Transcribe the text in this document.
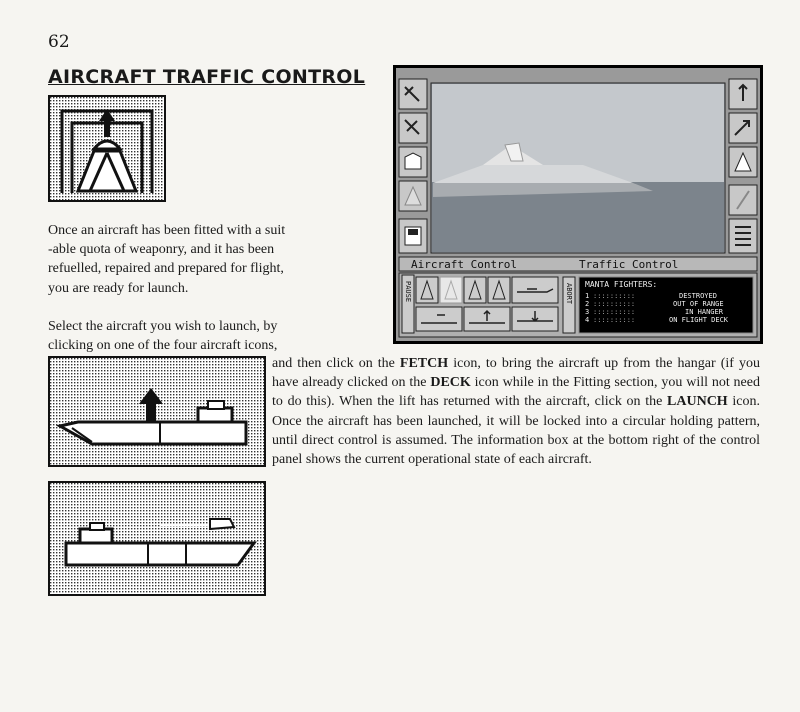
62
AIRCRAFT TRAFFIC CONTROL
Once an aircraft has been fitted with a suit
-able quota of weaponry, and it has been
refuelled, repaired and prepared for flight,
you are ready for launch.
Select the aircraft you wish to launch, by
clicking on one of the four aircraft icons,
and then click on the FETCH icon, to bring the aircraft up from the hangar (if you have already clicked on the DECK icon while in the Fitting section, you will not need to do this). When the lift has returned with the aircraft, click on the LAUNCH icon. Once the aircraft has been launched, it will be locked into a circular holding pattern, until direct control is assumed. The information box at the bottom right of the control panel shows the current operational state of each aircraft.
Aircraft Control	Traffic Control
PAUSE	ABORT MANTA FIGHTERS:
1
2
3
4
::::::::::
::::::::::
::::::::::
::::::::::
DESTROYED
OUT OF RANGE
IN HANGER
ON FLIGHT DECK
